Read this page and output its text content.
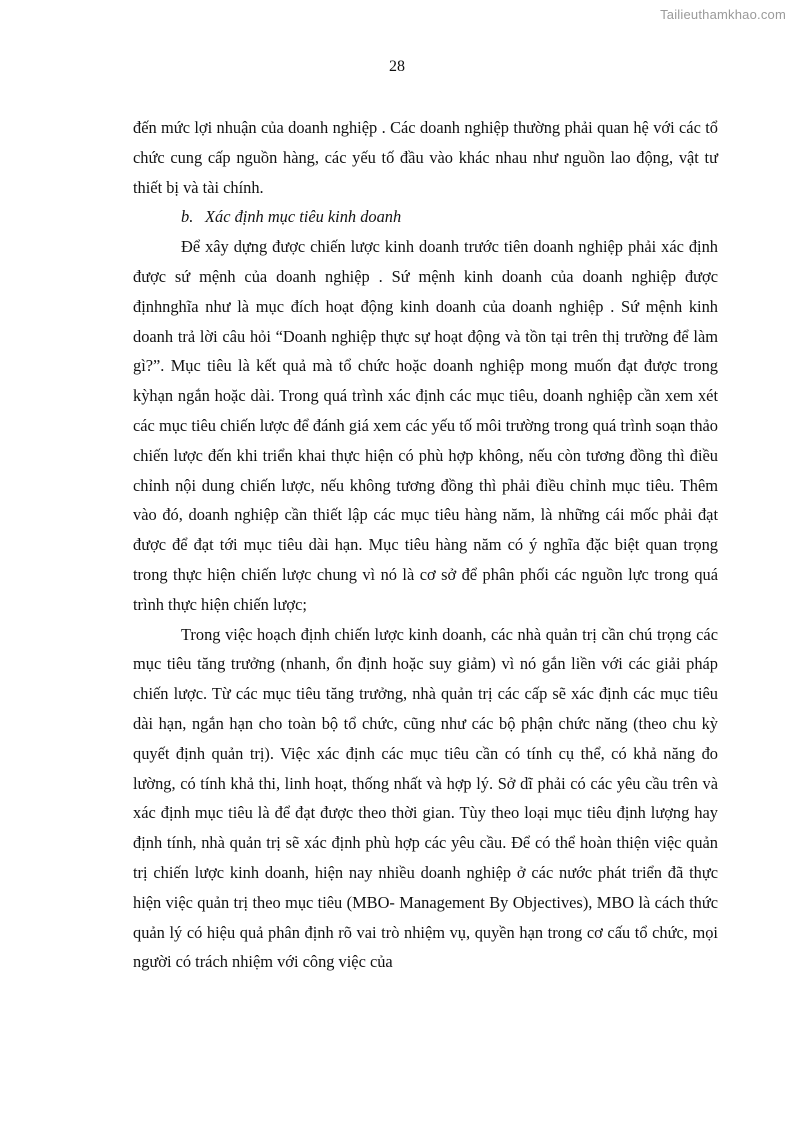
Tailieuthamkhao.com
28

đến mức lợi nhuận của doanh nghiệp . Các doanh nghiệp thường phải quan hệ với các tổ chức cung cấp nguồn hàng, các yếu tố đầu vào khác nhau như nguồn lao động, vật tư thiết bị và tài chính.

b. Xác định mục tiêu kinh doanh

Để xây dựng được chiến lược kinh doanh trước tiên doanh nghiệp phải xác định được sứ mệnh của doanh nghiệp . Sứ mệnh kinh doanh của doanh nghiệp được địnhnghĩa như là mục đích hoạt động kinh doanh của doanh nghiệp . Sứ mệnh kinh doanh trả lời câu hỏi “Doanh nghiệp thực sự hoạt động và tồn tại trên thị trường để làm gì?”. Mục tiêu là kết quả mà tổ chức hoặc doanh nghiệp mong muốn đạt được trong kỳhạn ngắn hoặc dài. Trong quá trình xác định các mục tiêu, doanh nghiệp cần xem xét các mục tiêu chiến lược để đánh giá xem các yếu tố môi trường trong quá trình soạn thảo chiến lược đến khi triển khai thực hiện có phù hợp không, nếu còn tương đồng thì điều chỉnh nội dung chiến lược, nếu không tương đồng thì phải điều chỉnh mục tiêu. Thêm vào đó, doanh nghiệp cần thiết lập các mục tiêu hàng năm, là những cái mốc phải đạt được để đạt tới mục tiêu dài hạn. Mục tiêu hàng năm có ý nghĩa đặc biệt quan trọng trong thực hiện chiến lược chung vì nó là cơ sở để phân phối các nguồn lực trong quá trình thực hiện chiến lược;

Trong việc hoạch định chiến lược kinh doanh, các nhà quản trị cần chú trọng các mục tiêu tăng trưởng (nhanh, ổn định hoặc suy giảm) vì nó gắn liền với các giải pháp chiến lược. Từ các mục tiêu tăng trưởng, nhà quản trị các cấp sẽ xác định các mục tiêu dài hạn, ngắn hạn cho toàn bộ tổ chức, cũng như các bộ phận chức năng (theo chu kỳ quyết định quản trị). Việc xác định các mục tiêu cần có tính cụ thể, có khả năng đo lường, có tính khả thi, linh hoạt, thống nhất và hợp lý. Sở dĩ phải có các yêu cầu trên và xác định mục tiêu là để đạt được theo thời gian. Tùy theo loại mục tiêu định lượng hay định tính, nhà quản trị sẽ xác định phù hợp các yêu cầu. Để có thể hoàn thiện việc quản trị chiến lược kinh doanh, hiện nay nhiều doanh nghiệp ở các nước phát triển đã thực hiện việc quản trị theo mục tiêu (MBO- Management By Objectives), MBO là cách thức quản lý có hiệu quả phân định rõ vai trò nhiệm vụ, quyền hạn trong cơ cấu tổ chức, mọi người có trách nhiệm với công việc của
